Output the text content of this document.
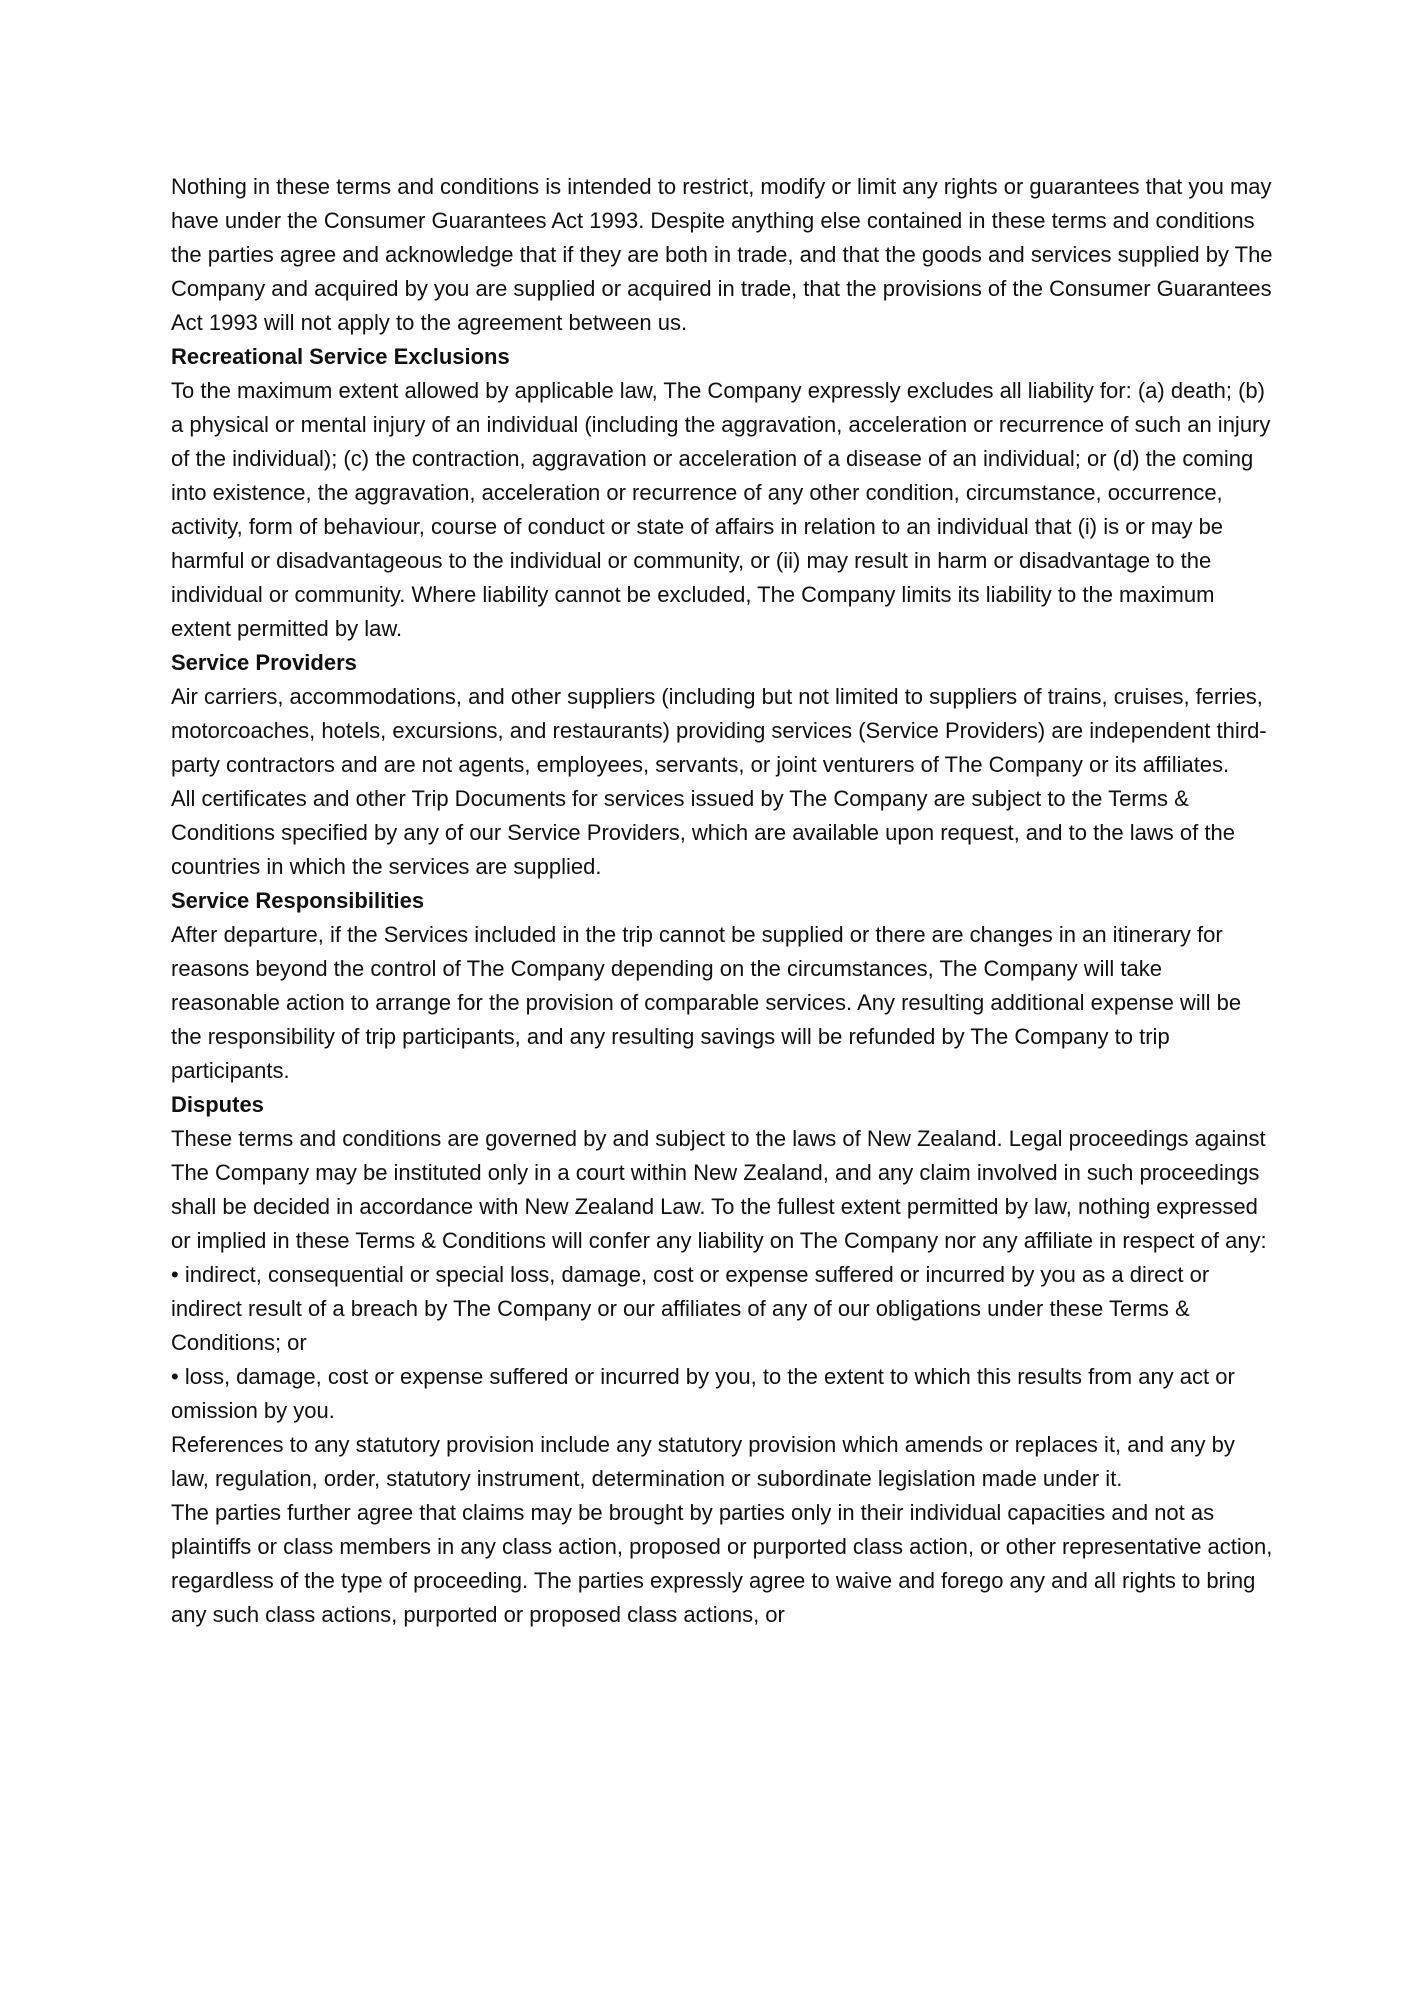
Nothing in these terms and conditions is intended to restrict, modify or limit any rights or guarantees that you may have under the Consumer Guarantees Act 1993. Despite anything else contained in these terms and conditions the parties agree and acknowledge that if they are both in trade, and that the goods and services supplied by The Company and acquired by you are supplied or acquired in trade, that the provisions of the Consumer Guarantees Act 1993 will not apply to the agreement between us.

Recreational Service Exclusions

To the maximum extent allowed by applicable law, The Company expressly excludes all liability for: (a) death; (b) a physical or mental injury of an individual (including the aggravation, acceleration or recurrence of such an injury of the individual); (c) the contraction, aggravation or acceleration of a disease of an individual; or (d) the coming into existence, the aggravation, acceleration or recurrence of any other condition, circumstance, occurrence, activity, form of behaviour, course of conduct or state of affairs in relation to an individual that (i) is or may be harmful or disadvantageous to the individual or community, or (ii) may result in harm or disadvantage to the individual or community. Where liability cannot be excluded, The Company limits its liability to the maximum extent permitted by law.

Service Providers

Air carriers, accommodations, and other suppliers (including but not limited to suppliers of trains, cruises, ferries, motorcoaches, hotels, excursions, and restaurants) providing services (Service Providers) are independent third-party contractors and are not agents, employees, servants, or joint venturers of The Company or its affiliates.

All certificates and other Trip Documents for services issued by The Company are subject to the Terms & Conditions specified by any of our Service Providers, which are available upon request, and to the laws of the countries in which the services are supplied.

Service Responsibilities

After departure, if the Services included in the trip cannot be supplied or there are changes in an itinerary for reasons beyond the control of The Company depending on the circumstances, The Company will take reasonable action to arrange for the provision of comparable services. Any resulting additional expense will be the responsibility of trip participants, and any resulting savings will be refunded by The Company to trip participants.

Disputes

These terms and conditions are governed by and subject to the laws of New Zealand. Legal proceedings against The Company may be instituted only in a court within New Zealand, and any claim involved in such proceedings shall be decided in accordance with New Zealand Law. To the fullest extent permitted by law, nothing expressed or implied in these Terms & Conditions will confer any liability on The Company nor any affiliate in respect of any:

• indirect, consequential or special loss, damage, cost or expense suffered or incurred by you as a direct or indirect result of a breach by The Company or our affiliates of any of our obligations under these Terms & Conditions; or

• loss, damage, cost or expense suffered or incurred by you, to the extent to which this results from any act or omission by you.

References to any statutory provision include any statutory provision which amends or replaces it, and any by law, regulation, order, statutory instrument, determination or subordinate legislation made under it.

The parties further agree that claims may be brought by parties only in their individual capacities and not as plaintiffs or class members in any class action, proposed or purported class action, or other representative action, regardless of the type of proceeding. The parties expressly agree to waive and forego any and all rights to bring any such class actions, purported or proposed class actions, or
